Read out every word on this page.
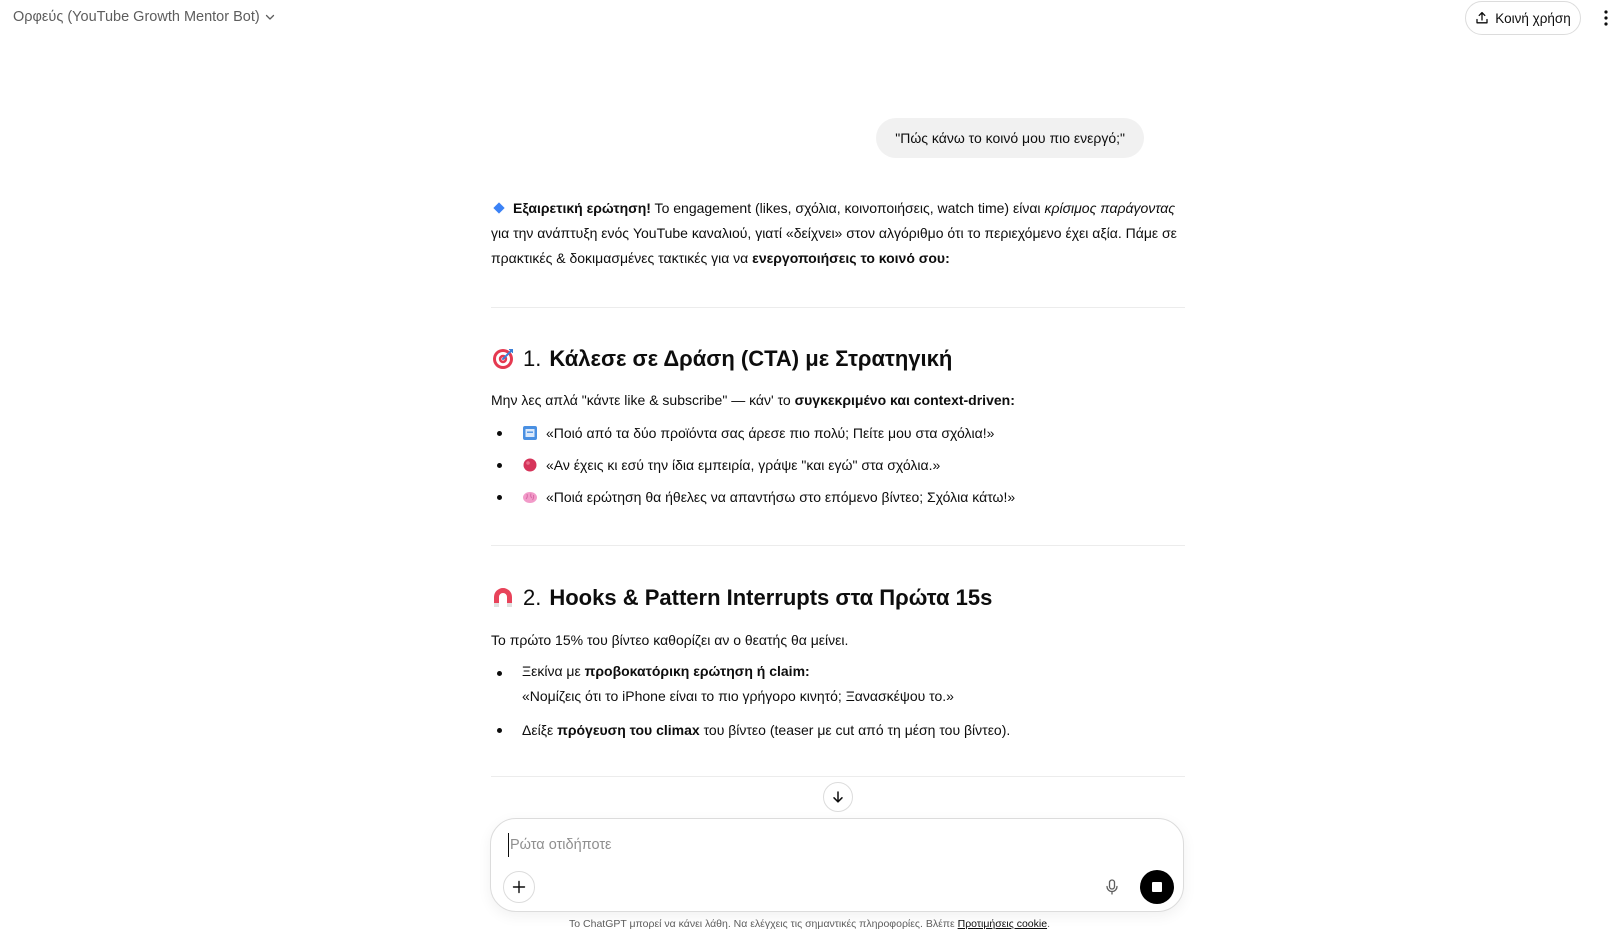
Ορφεύς (YouTube Growth Mentor Bot)	Κοινή χρήση
"Πώς κάνω το κοινό μου πιο ενεργό;"

Εξαιρετική ερώτηση! Το engagement (likes, σχόλια, κοινοποιήσεις, watch time) είναι κρίσιμος παράγοντας για την ανάπτυξη ενός YouTube καναλιού, γιατί «δείχνει» στον αλγόριθμο ότι το περιεχόμενο έχει αξία. Πάμε σε πρακτικές & δοκιμασμένες τακτικές για να ενεργοποιήσεις το κοινό σου:

1. Κάλεσε σε Δράση (CTA) με Στρατηγική
Μην λες απλά "κάντε like & subscribe" — κάν' το συγκεκριμένο και context-driven:
«Ποιό από τα δύο προϊόντα σας άρεσε πιο πολύ; Πείτε μου στα σχόλια!»
«Αν έχεις κι εσύ την ίδια εμπειρία, γράψε "και εγώ" στα σχόλια.»
«Ποιά ερώτηση θα ήθελες να απαντήσω στο επόμενο βίντεο; Σχόλια κάτω!»
2. Hooks & Pattern Interrupts στα Πρώτα 15s
Το πρώτο 15% του βίντεο καθορίζει αν ο θεατής θα μείνει.
Ξεκίνα με προβοκατόρικη ερώτηση ή claim:
«Νομίζεις ότι το iPhone είναι το πιο γρήγορο κινητό; Ξανασκέψου το.»
Δείξε πρόγευση του climax του βίντεο (teaser με cut από τη μέση του βίντεο).
Ρώτα οτιδήποτε
Το ChatGPT μπορεί να κάνει λάθη. Να ελέγχεις τις σημαντικές πληροφορίες. Βλέπε Προτιμήσεις cookie.
